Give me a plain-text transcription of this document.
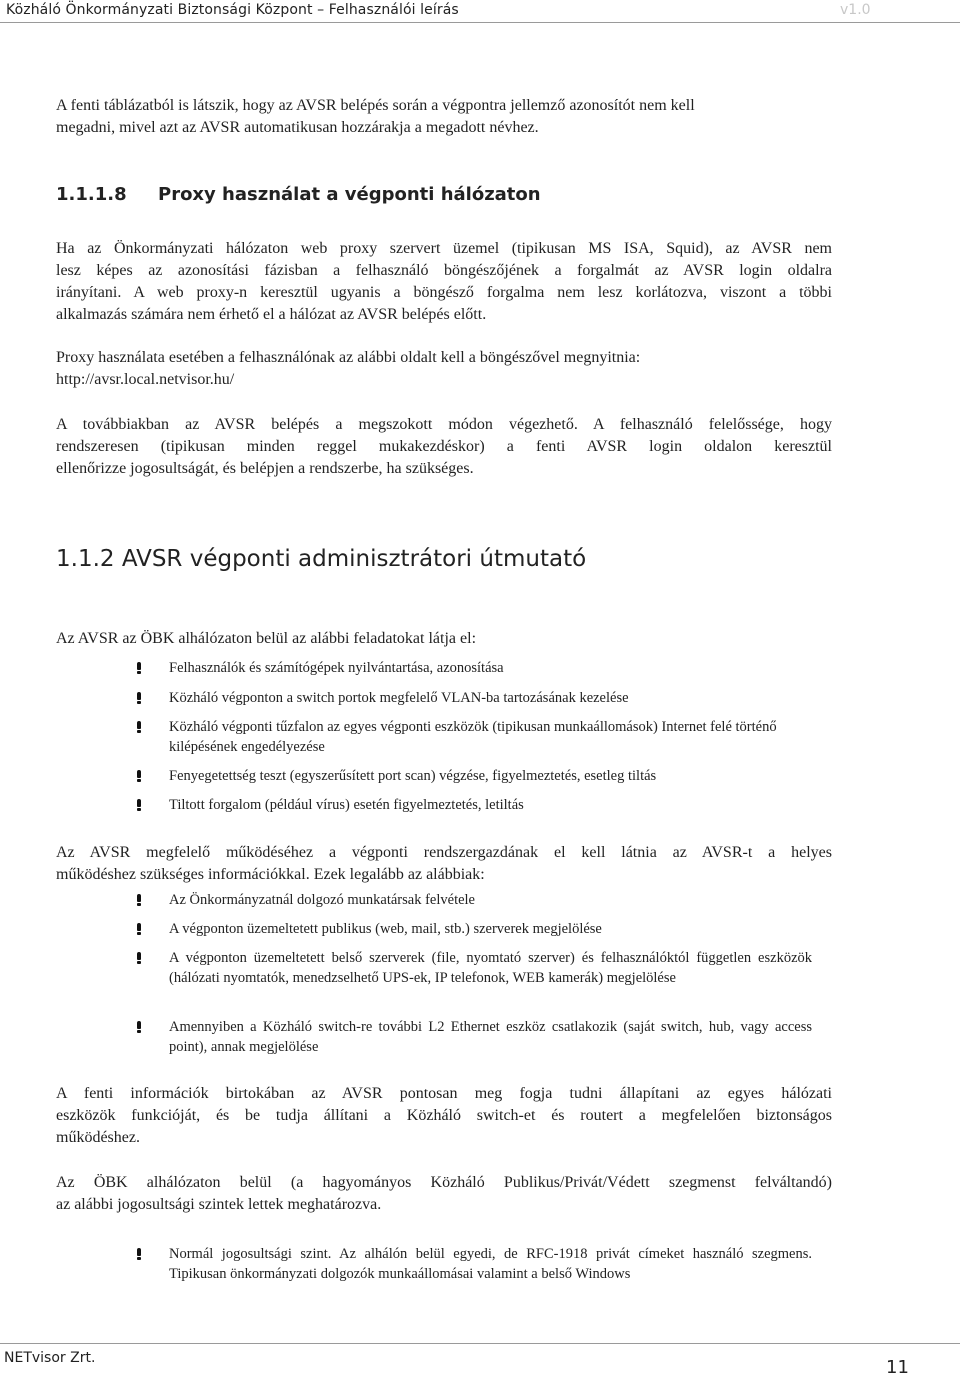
Közháló Önkormányzati Biztonsági Központ – Felhasználói leírás	v1.0

A fenti táblázatból is látszik, hogy az AVSR belépés során a végpontra jellemző azonosítót nem kell
megadni, mivel azt az AVSR automatikusan hozzárakja a megadott névhez.

1.1.1.8 Proxy használat a végponti hálózaton

Ha az Önkormányzati hálózaton web proxy szervert üzemel (tipikusan MS ISA, Squid), az AVSR nem
lesz képes az azonosítási fázisban a felhasználó böngészőjének a forgalmát az AVSR login oldalra
irányítani. A web proxy-n keresztül ugyanis a böngésző forgalma nem lesz korlátozva, viszont a többi
alkalmazás számára nem érhető el a hálózat az AVSR belépés előtt.

Proxy használata esetében a felhasználónak az alábbi oldalt kell a böngészővel megnyitnia:
http://avsr.local.netvisor.hu/

A továbbiakban az AVSR belépés a megszokott módon végezhető. A felhasználó felelőssége, hogy
rendszeresen (tipikusan minden reggel mukakezdéskor) a fenti AVSR login oldalon keresztül
ellenőrizze jogosultságát, és belépjen a rendszerbe, ha szükséges.

1.1.2 AVSR végponti adminisztrátori útmutató

Az AVSR az ÖBK alhálózaton belül az alábbi feladatokat látja el:

Felhasználók és számítógépek nyilvántartása, azonosítása
Közháló végponton a switch portok megfelelő VLAN-ba tartozásának kezelése
Közháló végponti tűzfalon az egyes végponti eszközök (tipikusan munkaállomások) Internet felé történő kilépésének engedélyezése
Fenyegetettség teszt (egyszerűsített port scan) végzése, figyelmeztetés, esetleg tiltás
Tiltott forgalom (például vírus) esetén figyelmeztetés, letiltás

Az AVSR megfelelő működéséhez a végponti rendszergazdának el kell látnia az AVSR-t a helyes
működéshez szükséges információkkal. Ezek legalább az alábbiak:

Az Önkormányzatnál dolgozó munkatársak felvétele
A végponton üzemeltetett publikus (web, mail, stb.) szerverek megjelölése
A végponton üzemeltetett belső szerverek (file, nyomtató szerver) és felhasználóktól független eszközök (hálózati nyomtatók, menedzselhető UPS-ek, IP telefonok, WEB kamerák) megjelölése
Amennyiben a Közháló switch-re további L2 Ethernet eszköz csatlakozik (saját switch, hub, vagy access point), annak megjelölése

A fenti információk birtokában az AVSR pontosan meg fogja tudni állapítani az egyes hálózati
eszközök funkcióját, és be tudja állítani a Közháló switch-et és routert a megfelelően biztonságos
működéshez.

Az ÖBK alhálózaton belül (a hagyományos Közháló Publikus/Privát/Védett szegmenst felváltandó)
az alábbi jogosultsági szintek lettek meghatározva.

Normál jogosultsági szint. Az alhálón belül egyedi, de RFC-1918 privát címeket használó szegmens. Tipikusan önkormányzati dolgozók munkaállomásai valamint a belső Windows
NETvisor Zrt.	11
